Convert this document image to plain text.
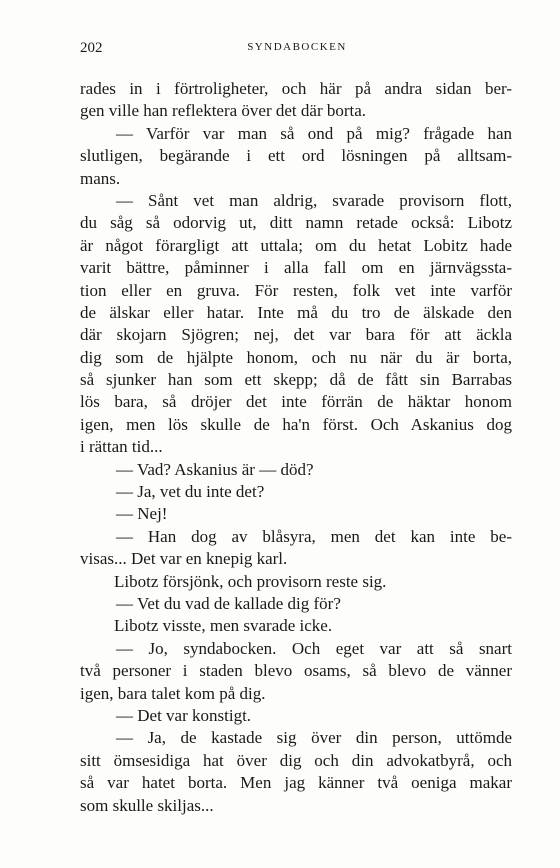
202	SYNDABOCKEN
rades in i förtroligheter, och här på andra sidan ber-
gen ville han reflektera över det där borta.
— Varför var man så ond på mig? frågade han
slutligen, begärande i ett ord lösningen på alltsam-
mans.
— Sånt vet man aldrig, svarade provisorn flott,
du såg så odorvig ut, ditt namn retade också: Libotz
är något förargligt att uttala; om du hetat Lobitz hade
varit bättre, påminner i alla fall om en järnvägssta-
tion eller en gruva. För resten, folk vet inte varför
de älskar eller hatar. Inte må du tro de älskade den
där skojarn Sjögren; nej, det var bara för att äckla
dig som de hjälpte honom, och nu när du är borta,
så sjunker han som ett skepp; då de fått sin Barrabas
lös bara, så dröjer det inte förrän de häktar honom
igen, men lös skulle de ha'n först. Och Askanius dog
i rättan tid...
— Vad? Askanius är — död?
— Ja, vet du inte det?
— Nej!
— Han dog av blåsyra, men det kan inte be-
visas... Det var en knepig karl.
Libotz försjönk, och provisorn reste sig.
— Vet du vad de kallade dig för?
Libotz visste, men svarade icke.
— Jo, syndabocken. Och eget var att så snart
två personer i staden blevo osams, så blevo de vänner
igen, bara talet kom på dig.
— Det var konstigt.
— Ja, de kastade sig över din person, uttömde
sitt ömsesidiga hat över dig och din advokatbyrå, och
så var hatet borta. Men jag känner två oeniga makar
som skulle skiljas...
